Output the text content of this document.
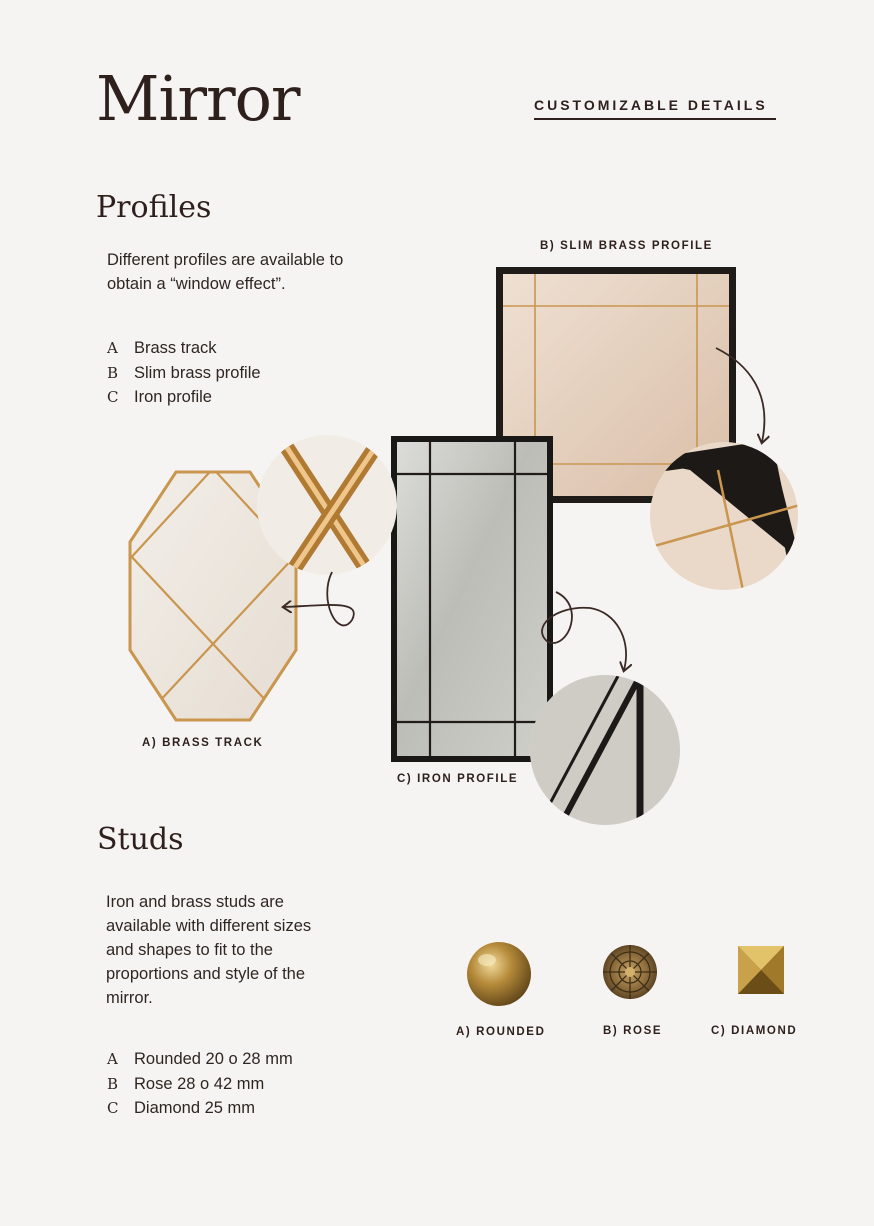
Mirror	CUSTOMIZABLE DETAILS
Profiles
Different profiles are available to
obtain a “window effect”.
A Brass track
B Slim brass profile
C Iron profile
B) SLIM BRASS PROFILE
A) BRASS TRACK
C) IRON PROFILE
Studs
Iron and brass studs are
available with different sizes
and shapes to fit to the
proportions and style of the
mirror.
A Rounded 20 o 28 mm
B Rose 28 o 42 mm
C Diamond 25 mm
A) ROUNDED	B) ROSE	C) DIAMOND
